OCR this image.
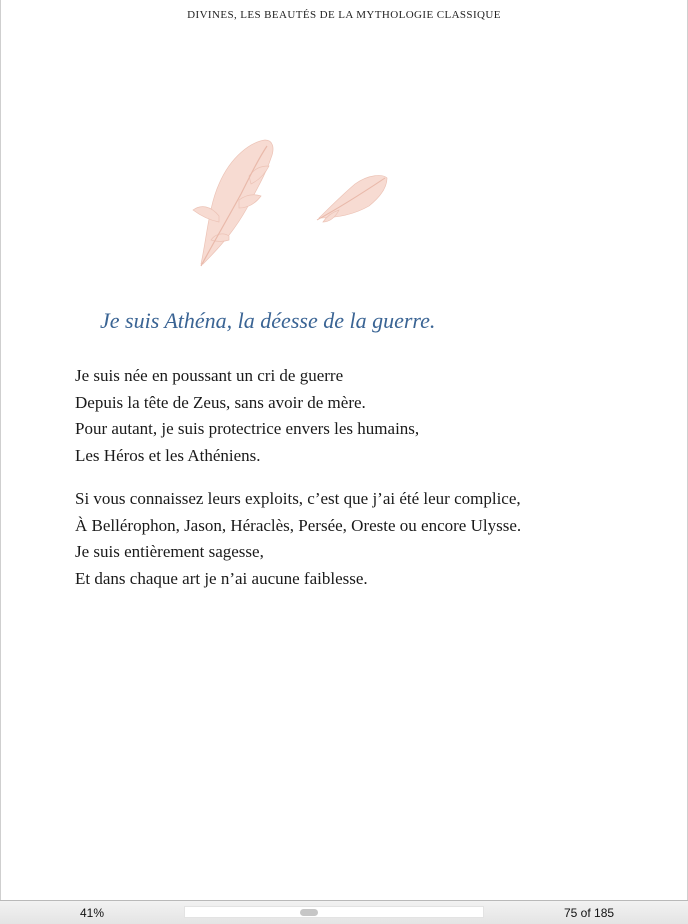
DIVINES, LES BEAUTÉS DE LA MYTHOLOGIE CLASSIQUE
Je suis Athéna, la déesse de la guerre.
Je suis née en poussant un cri de guerre
Depuis la tête de Zeus, sans avoir de mère.
Pour autant, je suis protectrice envers les humains,
Les Héros et les Athéniens.
Si vous connaissez leurs exploits, c’est que j’ai été leur complice,
À Bellérophon, Jason, Héraclès, Persée, Oreste ou encore Ulysse.
Je suis entièrement sagesse,
Et dans chaque art je n’ai aucune faiblesse.
41%	75 of 185
